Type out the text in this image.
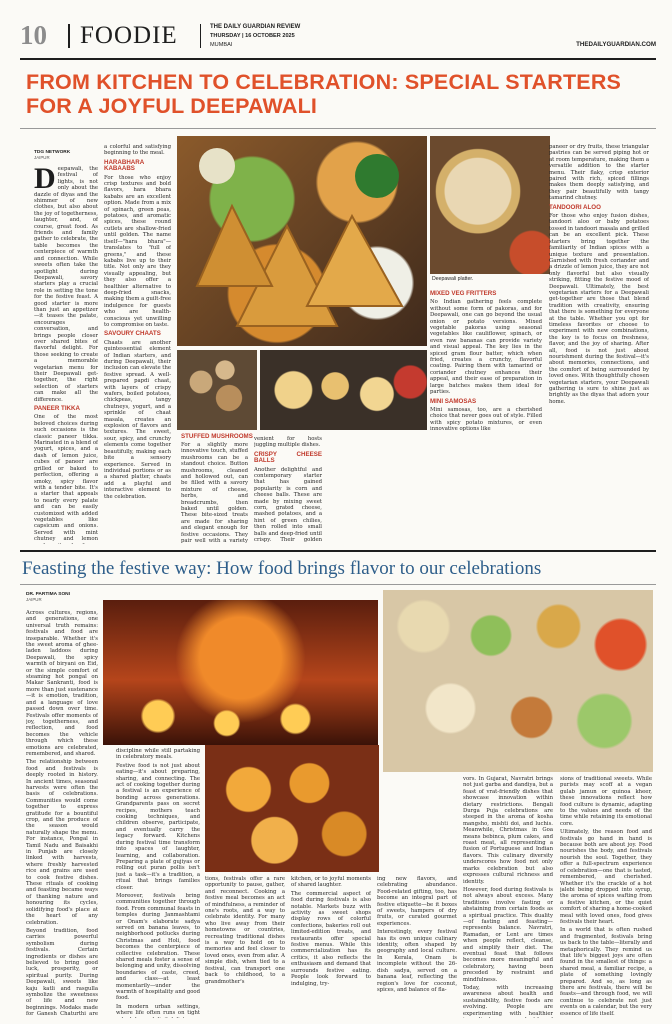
10 FOODIE	THE DAILY GUARDIAN REVIEW
THURSDAY | 16 OCTOBER 2025
MUMBAI	THEDAILYGUARDIAN.COM
FROM KITCHEN TO CELEBRATION: SPECIAL STARTERS
FOR A JOYFUL DEEPAWALI
TDG NETWORK
JAIPUR
D eepawali, the festival of lights, is not only about the dazzle of diyas and the shimmer of new clothes, but also about the joy of togetherness, laughter, and, of course, great food. As friends and family gather to celebrate, the table becomes the centerpiece of warmth and connection. While sweets often take the spotlight during Deepawali, savory starters play a crucial role in setting the tone for the festive feast. A good starter is more than just an appetizer—it teases the palate, encourages conversation, and brings people closer over shared bites of flavorful delight. For those seeking to create a memorable vegetarian menu for their Deepawali get-together, the right selection of starters can make all the difference.

PANEER TIKKA

One of the most beloved choices during such occasions is the classic paneer tikka. Marinated in a blend of yogurt, spices, and a dash of lemon juice, cubes of paneer are grilled or baked to perfection, offering a smoky, spicy flavor with a tender bite. It's a starter that appeals to nearly every palate and can be easily customized with added vegetables like capsicum and onions. Served with mint chutney and lemon

a colorful and satisfying beginning to the meal.

HARABHARA KABAABS

For those who enjoy crisp textures and bold flavors, hara bhara kababs are an excellent option. Made from a mix of spinach, green peas, potatoes, and aromatic spices, these round cutlets are shallow-fried until golden. The name itself—"hara bhara"—translates to "full of greens," and these kababs live up to their title. Not only are they visually appealing, but they also offer a healthier alternative to deep-fried snacks, making them a guilt-free indulgence for guests who are health-conscious yet unwilling to compromise on taste.

SAVOURY CHAATS

Chaats are another quintessential element of Indian starters, and during Deepawali, their inclusion can elevate the festive spread. A well-prepared papdi chaat, with layers of crispy wafers, boiled potatoes, chickpeas, tangy chutneys, yogurt, and a sprinkle of chaat masala, creates an explosion of flavors and textures. The sweet, sour, spicy, and crunchy elements come together beautifully, making each bite a sensory experience. Served in individual portions or as a shared platter, chaats add a playful and interactive element to the celebration.

Deepawali platter.
STUFFED MUSHROOMS

For a slightly more innovative touch, stuffed mushrooms can be a standout choice. Button mushrooms, cleaned and hollowed out, can be filled with a savory mixture of cheese, herbs, and breadcrumbs, then baked until golden. These bite-sized treats are made for sharing and elegant enough for festive occasions. They pair well with a variety

venient for hosts juggling multiple dishes.

CRISPY CHEESE BALLS

Another delightful and contemporary starter that has gained popularity is corn and cheese balls. These are made by mixing sweet corn, grated cheese, mashed potatoes, and a hint of green chilies, then rolled into small balls and deep-fried until crispy. Their golden

MIXED VEG FRITTERS

No Indian gathering feels complete without some form of pakoras, and for Deepawali, one can go beyond the usual onion or potato versions. Mixed vegetable pakoras using seasonal vegetables like cauliflower, spinach, or even raw bananas can provide variety and visual appeal. The key lies in the spiced gram flour batter, which when fried, creates a crunchy, flavorful coating. Pairing them with tamarind or coriander chutney enhances their appeal, and their ease of preparation in large batches makes them ideal for parties.

MINI SAMOSAS

Mini samosas, too, are a cherished choice that never goes out of style. Filled with spicy potato mixtures, or even innovative options like

paneer or dry fruits, these triangular pastries can be served piping hot or at room temperature, making them a versatile addition to the starter menu. Their flaky, crisp exterior paired with rich, spiced fillings makes them deeply satisfying, and they pair beautifully with tangy tamarind chutney.

TANDOORI ALOO

For those who enjoy fusion dishes, tandoori aloo or baby potatoes tossed in tandoori masala and grilled can be an excellent pick. These starters bring together the familiarity of Indian spices with a unique texture and presentation. Garnished with fresh coriander and a drizzle of lemon juice, they are not only flavorful but also visually striking, fitting the festive mood of Deepawali. Ultimately, the best vegetarian starters for a Deepawali get-together are those that blend tradition with creativity, ensuring that there is something for everyone at the table. Whether you opt for timeless favorites or choose to experiment with new combinations, the key is to focus on freshness, flavor, and the joy of sharing. After all, food is not just about nourishment during the festival—it's about memories, connections, and the comfort of being surrounded by loved ones. With thoughtfully chosen vegetarian starters, your Deepawali gathering is sure to shine just as brightly as the diyas that adorn your home.

Feasting the festive way: How food brings flavor to our celebrations
DR. PARTIMA SONI
JAIPUR

Across cultures, regions, and generations, one universal truth remains: festivals and food are inseparable. Whether it's the sweet aroma of ghee-laden laddoos during Deepawali, the spicy warmth of biryani on Eid, or the simple comfort of steaming hot pongal on Makar Sankranti, food is more than just sustenance—it is emotion, tradition, and a language of love passed down over time. Festivals offer moments of joy, togetherness, and reflection, and food becomes the vehicle through which these emotions are celebrated, remembered, and shared.

The relationship between food and festivals is deeply rooted in history. In ancient times, seasonal harvests were often the basis of celebrations. Communities would come together to express gratitude for a bountiful crop, and the produce of the season would naturally shape the menu. For instance, Pongal in Tamil Nadu and Baisakhi in Punjab are closely linked with harvests, where freshly harvested rice and grains are used to cook festive dishes. These rituals of cooking and feasting became ways of thanking nature and honouring its cycles, solidifying food's place at the heart of any celebration.

Beyond tradition, food carries powerful symbolism during festivals. Certain ingredients or dishes are believed to bring good luck, prosperity, or spiritual purity. During Deepawali, sweets like kaju katli and rasgulla symbolize the sweetness of life and new beginnings. Modaks made for Ganesh Chaturthi are

discipline while still partaking in celebratory meals.

Festive food is not just about eating—it's about preparing, sharing, and connecting. The act of cooking together during a festival is an experience of bonding across generations. Grandparents pass on secret recipes, mothers teach cooking techniques, and children observe, participate, and eventually carry the legacy forward. Kitchens during festival time transform into spaces of laughter, learning, and collaboration. Preparing a plate of gujiyas or rolling out puran pollis isn't just a task—it's a tradition, a ritual that brings families closer.

Moreover, festivals bring communities together through food. From communal feasts in temples during Janmashtami or Onam's elaborate sadya served on banana leaves, to neighborhood potlucks during Christmas and Holi, food becomes the centerpiece of collective celebration. These shared meals foster a sense of belonging and unity, dissolving boundaries of caste, creed, and class—at least momentarily—under the warmth of hospitality and good food.

In modern urban settings, where life often runs on tight

tions, festivals offer a rare opportunity to pause, gather, and reconnect. Cooking a festive meal becomes an act of mindfulness, a reminder of one's roots, and a way to celebrate identity. For many who live away from their hometowns or countries, recreating traditional dishes is a way to hold on to memories and feel closer to loved ones, even from afar. A simple dish, when tied to a festival, can transport one back to childhood, to a grandmother's

kitchen, or to joyful moments of shared laughter.

The commercial aspect of food during festivals is also notable. Markets buzz with activity as sweet shops display rows of colorful confections, bakeries roll out limited-edition treats, and restaurants offer special festive menus. While this commercialization has its critics, it also reflects the enthusiasm and demand that surrounds festive eating. People look forward to indulging, try-

ing new flavors, and celebrating abundance. Food-related gifting, too, has become an integral part of festive etiquette—be it boxes of sweets, hampers of dry fruits, or curated gourmet experiences.

Interestingly, every festival has its own unique culinary identity, often shaped by geography and local culture. In Kerala, Onam is incomplete without the 26-dish sadya, served on a banana leaf, reflecting the region's love for coconut, spices, and balance of fla-

vors. In Gujarat, Navratri brings not just garba and dandiya, but a feast of vrat-friendly dishes that showcase innovation within dietary restrictions. Bengali Durga Puja celebrations are steeped in the aroma of kosha mangsho, mishti doi, and luchis. Meanwhile, Christmas in Goa means bebinca, plum cakes, and roast meat, all representing a fusion of Portuguese and Indian flavors. This culinary diversity underscores how food not only marks celebration but also expresses cultural richness and identity.

However, food during festivals is not always about excess. Many traditions involve fasting or abstaining from certain foods as a spiritual practice. This duality—of fasting and feasting—represents balance. Navratri, Ramadan, or Lent are times when people reflect, cleanse, and simplify their diet. The eventual feast that follows becomes more meaningful and celebratory, having been preceded by restraint and mindfulness.

Today, with increasing awareness about health and sustainability, festive foods are evolving. People are experimenting with healthier

sions of traditional sweets. While purists may scoff at a vegan gulab jamun or quinoa kheer, these innovations reflect how food culture is dynamic, adapting to the values and needs of the time while retaining its emotional core.

Ultimately, the reason food and festivals go hand in hand is because both are about joy. Food nourishes the body, and festivals nourish the soul. Together, they offer a full-spectrum experience of celebration—one that is tasted, remembered, and cherished. Whether it's the crackle of a hot jalebi being dropped into syrup, the aroma of spices wafting from a festive kitchen, or the quiet comfort of sharing a home-cooked meal with loved ones, food gives festivals their heart.

In a world that is often rushed and fragmented, festivals bring us back to the table—literally and metaphorically. They remind us that life's biggest joys are often found in the smallest of things: a shared meal, a familiar recipe, a plate of something lovingly prepared. And so, as long as there are festivals, there will be feasts—and through food, we will continue to celebrate not just events on a calendar, but the very essence of life itself.
